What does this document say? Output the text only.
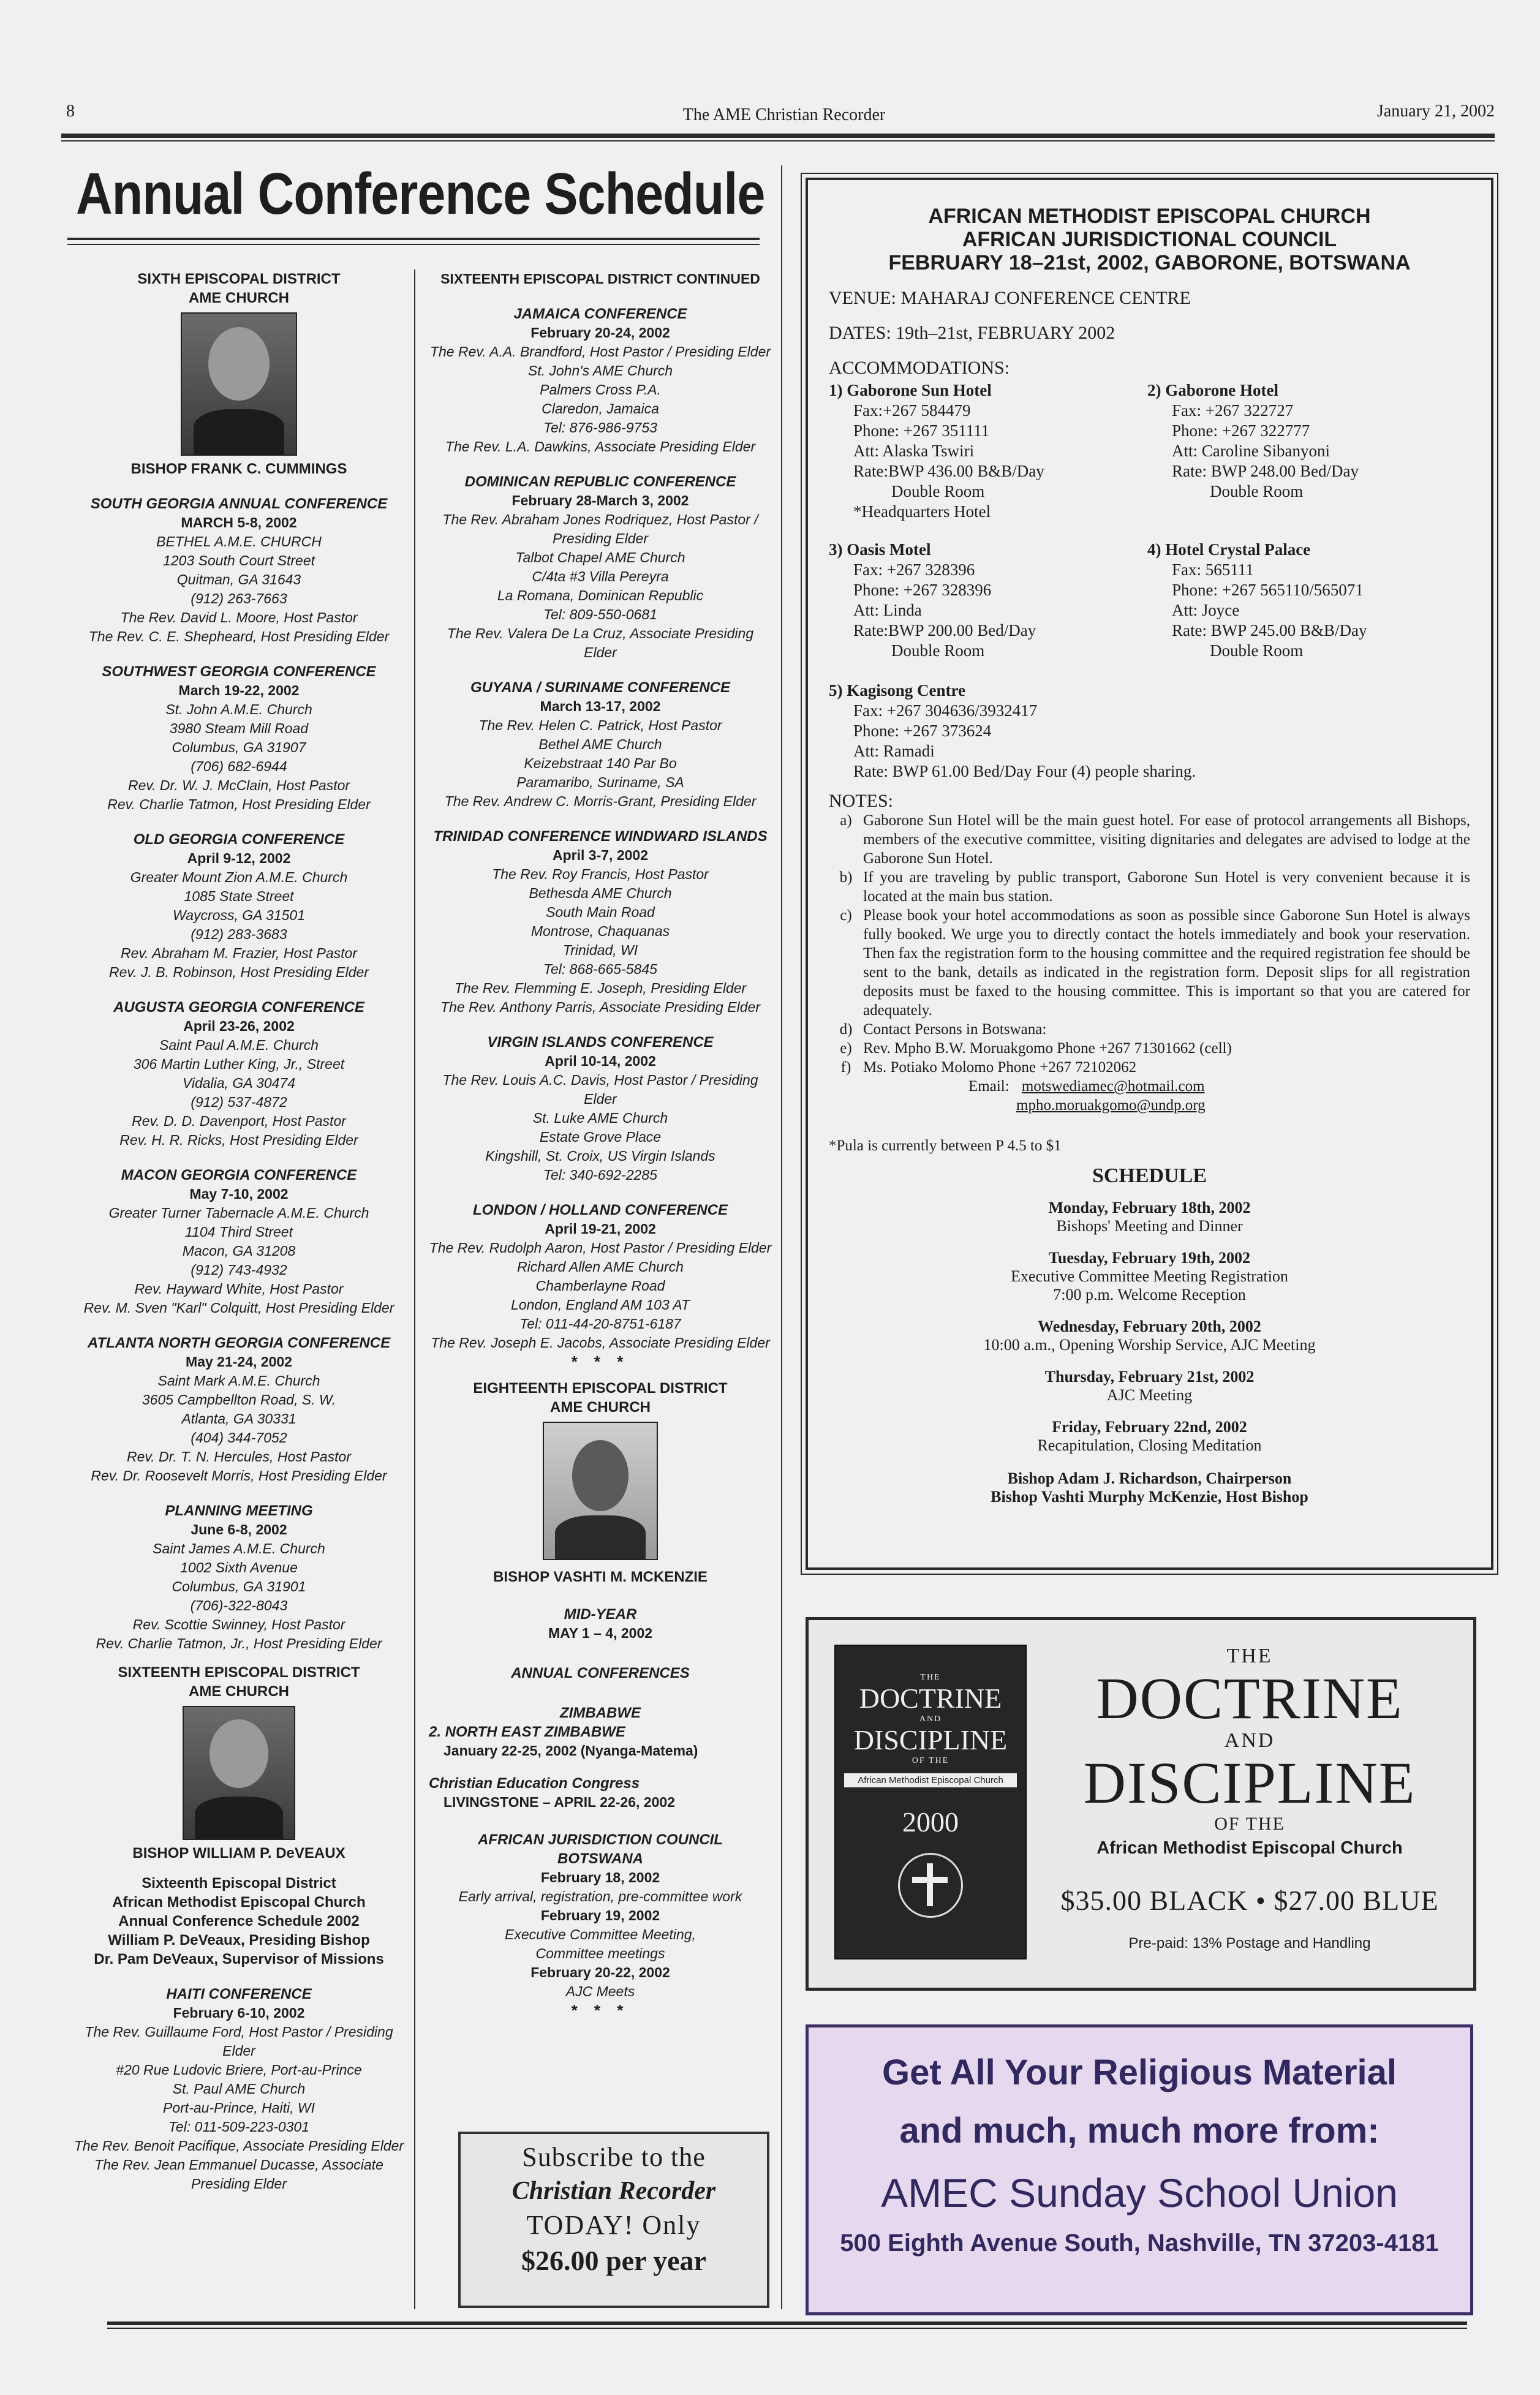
8	The AME Christian Recorder	January 21, 2002
Annual Conference Schedule
SIXTH EPISCOPAL DISTRICT
AME CHURCH
BISHOP FRANK C. CUMMINGS
SOUTH GEORGIA ANNUAL CONFERENCE
MARCH 5-8, 2002
BETHEL A.M.E. CHURCH
1203 South Court Street
Quitman, GA 31643
(912) 263-7663
The Rev. David L. Moore, Host Pastor
The Rev. C. E. Shepheard, Host Presiding Elder
SOUTHWEST GEORGIA CONFERENCE
March 19-22, 2002
St. John A.M.E. Church
3980 Steam Mill Road
Columbus, GA 31907
(706) 682-6944
Rev. Dr. W. J. McClain, Host Pastor
Rev. Charlie Tatmon, Host Presiding Elder
OLD GEORGIA CONFERENCE
April 9-12, 2002
Greater Mount Zion A.M.E. Church
1085 State Street
Waycross, GA 31501
(912) 283-3683
Rev. Abraham M. Frazier, Host Pastor
Rev. J. B. Robinson, Host Presiding Elder
AUGUSTA GEORGIA CONFERENCE
April 23-26, 2002
Saint Paul A.M.E. Church
306 Martin Luther King, Jr., Street
Vidalia, GA 30474
(912) 537-4872
Rev. D. D. Davenport, Host Pastor
Rev. H. R. Ricks, Host Presiding Elder
MACON GEORGIA CONFERENCE
May 7-10, 2002
Greater Turner Tabernacle A.M.E. Church
1104 Third Street
Macon, GA 31208
(912) 743-4932
Rev. Hayward White, Host Pastor
Rev. M. Sven "Karl" Colquitt, Host Presiding Elder
ATLANTA NORTH GEORGIA CONFERENCE
May 21-24, 2002
Saint Mark A.M.E. Church
3605 Campbellton Road, S. W.
Atlanta, GA 30331
(404) 344-7052
Rev. Dr. T. N. Hercules, Host Pastor
Rev. Dr. Roosevelt Morris, Host Presiding Elder
PLANNING MEETING
June 6-8, 2002
Saint James A.M.E. Church
1002 Sixth Avenue
Columbus, GA 31901
(706)-322-8043
Rev. Scottie Swinney, Host Pastor
Rev. Charlie Tatmon, Jr., Host Presiding Elder
SIXTEENTH EPISCOPAL DISTRICT
AME CHURCH
BISHOP WILLIAM P. DeVEAUX
Sixteenth Episcopal District
African Methodist Episcopal Church
Annual Conference Schedule 2002
William P. DeVeaux, Presiding Bishop
Dr. Pam DeVeaux, Supervisor of Missions
HAITI CONFERENCE
February 6-10, 2002
The Rev. Guillaume Ford, Host Pastor / Presiding Elder
#20 Rue Ludovic Briere, Port-au-Prince
St. Paul AME Church
Port-au-Prince, Haiti, WI
Tel: 011-509-223-0301
The Rev. Benoit Pacifique, Associate Presiding Elder
The Rev. Jean Emmanuel Ducasse, Associate Presiding Elder
SIXTEENTH EPISCOPAL DISTRICT CONTINUED
JAMAICA CONFERENCE
February 20-24, 2002
The Rev. A.A. Brandford, Host Pastor / Presiding Elder
St. John's AME Church
Palmers Cross P.A.
Claredon, Jamaica
Tel: 876-986-9753
The Rev. L.A. Dawkins, Associate Presiding Elder
DOMINICAN REPUBLIC CONFERENCE
February 28-March 3, 2002
The Rev. Abraham Jones Rodriquez, Host Pastor / Presiding Elder
Talbot Chapel AME Church
C/4ta #3 Villa Pereyra
La Romana, Dominican Republic
Tel: 809-550-0681
The Rev. Valera De La Cruz, Associate Presiding Elder
GUYANA / SURINAME CONFERENCE
March 13-17, 2002
The Rev. Helen C. Patrick, Host Pastor
Bethel AME Church
Keizebstraat 140 Par Bo
Paramaribo, Suriname, SA
The Rev. Andrew C. Morris-Grant, Presiding Elder
TRINIDAD CONFERENCE WINDWARD ISLANDS
April 3-7, 2002
The Rev. Roy Francis, Host Pastor
Bethesda AME Church
South Main Road
Montrose, Chaquanas
Trinidad, WI
Tel: 868-665-5845
The Rev. Flemming E. Joseph, Presiding Elder
The Rev. Anthony Parris, Associate Presiding Elder
VIRGIN ISLANDS CONFERENCE
April 10-14, 2002
The Rev. Louis A.C. Davis, Host Pastor / Presiding Elder
St. Luke AME Church
Estate Grove Place
Kingshill, St. Croix, US Virgin Islands
Tel: 340-692-2285
LONDON / HOLLAND CONFERENCE
April 19-21, 2002
The Rev. Rudolph Aaron, Host Pastor / Presiding Elder
Richard Allen AME Church
Chamberlayne Road
London, England AM 103 AT
Tel: 011-44-20-8751-6187
The Rev. Joseph E. Jacobs, Associate Presiding Elder
* * *
EIGHTEENTH EPISCOPAL DISTRICT
AME CHURCH
BISHOP VASHTI M. MCKENZIE
MID-YEAR
MAY 1 – 4, 2002
ANNUAL CONFERENCES
ZIMBABWE
2. NORTH EAST ZIMBABWE
January 22-25, 2002 (Nyanga-Matema)
Christian Education Congress
LIVINGSTONE – APRIL 22-26, 2002
AFRICAN JURISDICTION COUNCIL BOTSWANA
February 18, 2002
Early arrival, registration, pre-committee work
February 19, 2002
Executive Committee Meeting,
Committee meetings
February 20-22, 2002
AJC Meets
* * *
Subscribe to the
Christian Recorder
TODAY! Only
$26.00 per year
AFRICAN METHODIST EPISCOPAL CHURCH
AFRICAN JURISDICTIONAL COUNCIL
FEBRUARY 18–21st, 2002, GABORONE, BOTSWANA
VENUE: MAHARAJ CONFERENCE CENTRE
DATES: 19th–21st, FEBRUARY 2002
ACCOMMODATIONS:
1) Gaborone Sun Hotel
Fax:+267 584479
Phone: +267 351111
Att: Alaska Tswiri
Rate:BWP 436.00 B&B/Day
Double Room
*Headquarters Hotel
2) Gaborone Hotel
Fax: +267 322727
Phone: +267 322777
Att: Caroline Sibanyoni
Rate: BWP 248.00 Bed/Day
Double Room
3) Oasis Motel
Fax: +267 328396
Phone: +267 328396
Att: Linda
Rate:BWP 200.00 Bed/Day
Double Room
4) Hotel Crystal Palace
Fax: 565111
Phone: +267 565110/565071
Att: Joyce
Rate: BWP 245.00 B&B/Day
Double Room
5) Kagisong Centre
Fax: +267 304636/3932417
Phone: +267 373624
Att: Ramadi
Rate: BWP 61.00 Bed/Day Four (4) people sharing.
NOTES:
a) Gaborone Sun Hotel will be the main guest hotel. For ease of protocol arrangements all Bishops, members of the executive committee, visiting dignitaries and delegates are advised to lodge at the Gaborone Sun Hotel.
b) If you are traveling by public transport, Gaborone Sun Hotel is very convenient because it is located at the main bus station.
c) Please book your hotel accommodations as soon as possible since Gaborone Sun Hotel is always fully booked. We urge you to directly contact the hotels immediately and book your reservation. Then fax the registration form to the housing committee and the required registration fee should be sent to the bank, details as indicated in the registration form. Deposit slips for all registration deposits must be faxed to the housing committee. This is important so that you are catered for adequately.
d) Contact Persons in Botswana:
e) Rev. Mpho B.W. Moruakgomo Phone +267 71301662 (cell)
f) Ms. Potiako Molomo Phone +267 72102062
Email: motswediamec@hotmail.com
mpho.moruakgomo@undp.org
*Pula is currently between P 4.5 to $1
SCHEDULE
Monday, February 18th, 2002
Bishops' Meeting and Dinner
Tuesday, February 19th, 2002
Executive Committee Meeting Registration
7:00 p.m. Welcome Reception
Wednesday, February 20th, 2002
10:00 a.m., Opening Worship Service, AJC Meeting
Thursday, February 21st, 2002
AJC Meeting
Friday, February 22nd, 2002
Recapitulation, Closing Meditation
Bishop Adam J. Richardson, Chairperson
Bishop Vashti Murphy McKenzie, Host Bishop
THE
DOCTRINE
AND
DISCIPLINE
OF THE
African Methodist Episcopal Church
2000
THE
DOCTRINE
AND
DISCIPLINE
OF THE
African Methodist Episcopal Church
$35.00 BLACK • $27.00 BLUE
Pre-paid: 13% Postage and Handling
Get All Your Religious Material
and much, much more from:
AMEC Sunday School Union
500 Eighth Avenue South, Nashville, TN 37203-4181
